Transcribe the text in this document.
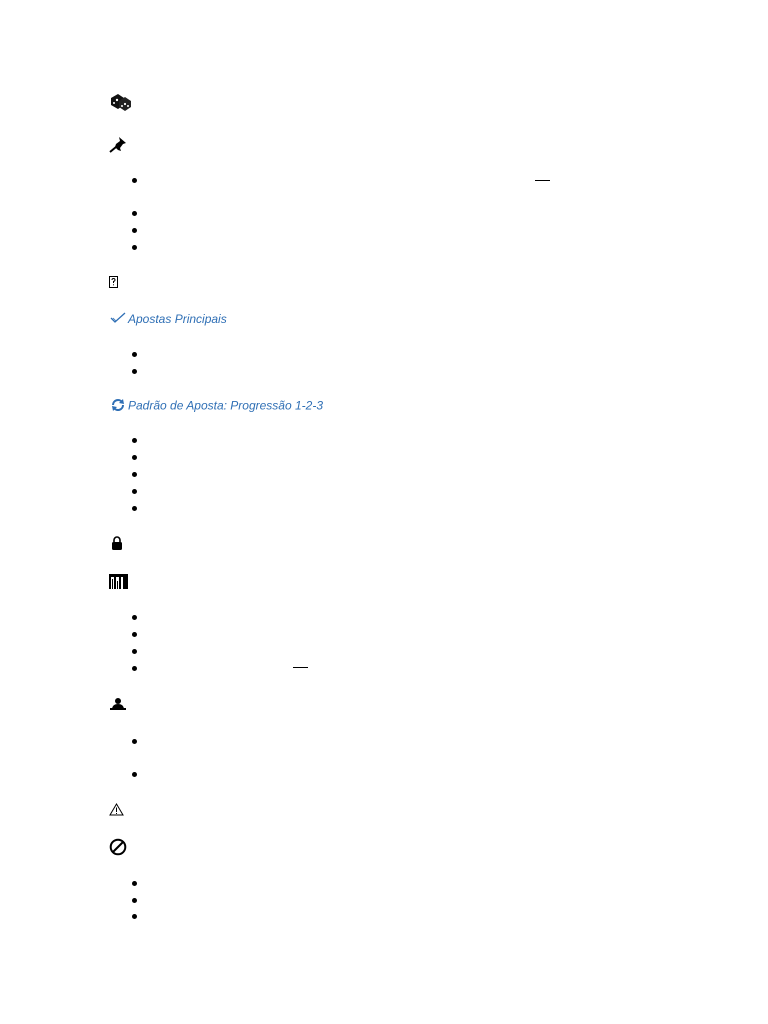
Apostas Principais
Padrão de Aposta: Progressão 1-2-3
